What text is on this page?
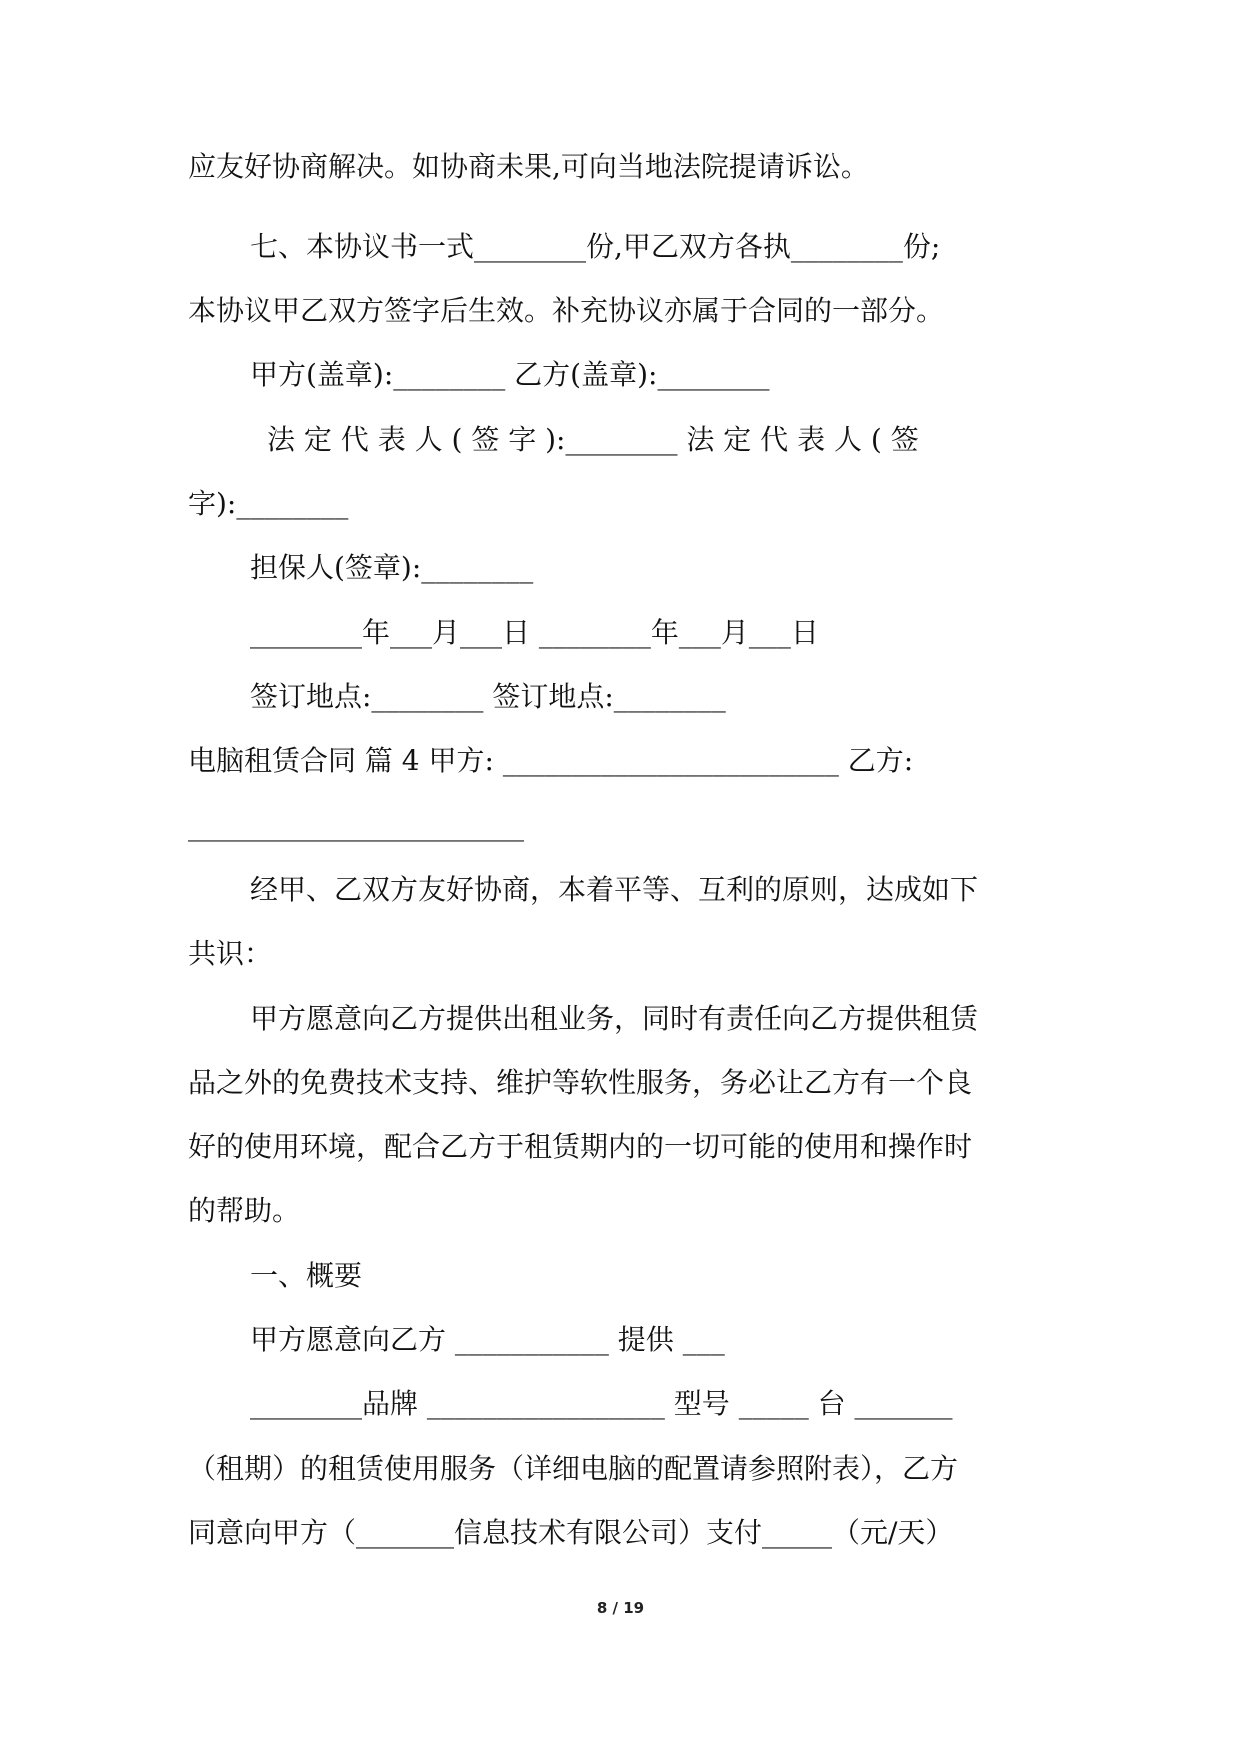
应友好协商解决。如协商未果,可向当地法院提请诉讼。

七、本协议书一式________份,甲乙双方各执________份;

本协议甲乙双方签字后生效。补充协议亦属于合同的一部分。

甲方(盖章):________ 乙方(盖章):________

法 定 代 表 人 ( 签 字 ):________ 法 定 代 表 人 ( 签

字):________

担保人(签章):________

________年___月___日 ________年___月___日

签订地点:________ 签订地点:________

电脑租赁合同 篇 4 甲方: ________________________ 乙方:

________________________

经甲、乙双方友好协商，本着平等、互利的原则，达成如下

共识：

甲方愿意向乙方提供出租业务，同时有责任向乙方提供租赁

品之外的免费技术支持、维护等软性服务，务必让乙方有一个良

好的使用环境，配合乙方于租赁期内的一切可能的使用和操作时

的帮助。

一、概要

甲方愿意向乙方 ___________ 提供 ___

________品牌 _________________ 型号 _____ 台 _______

（租期）的租赁使用服务（详细电脑的配置请参照附表），乙方

同意向甲方（_______信息技术有限公司）支付_____（元/天）

8 / 19
